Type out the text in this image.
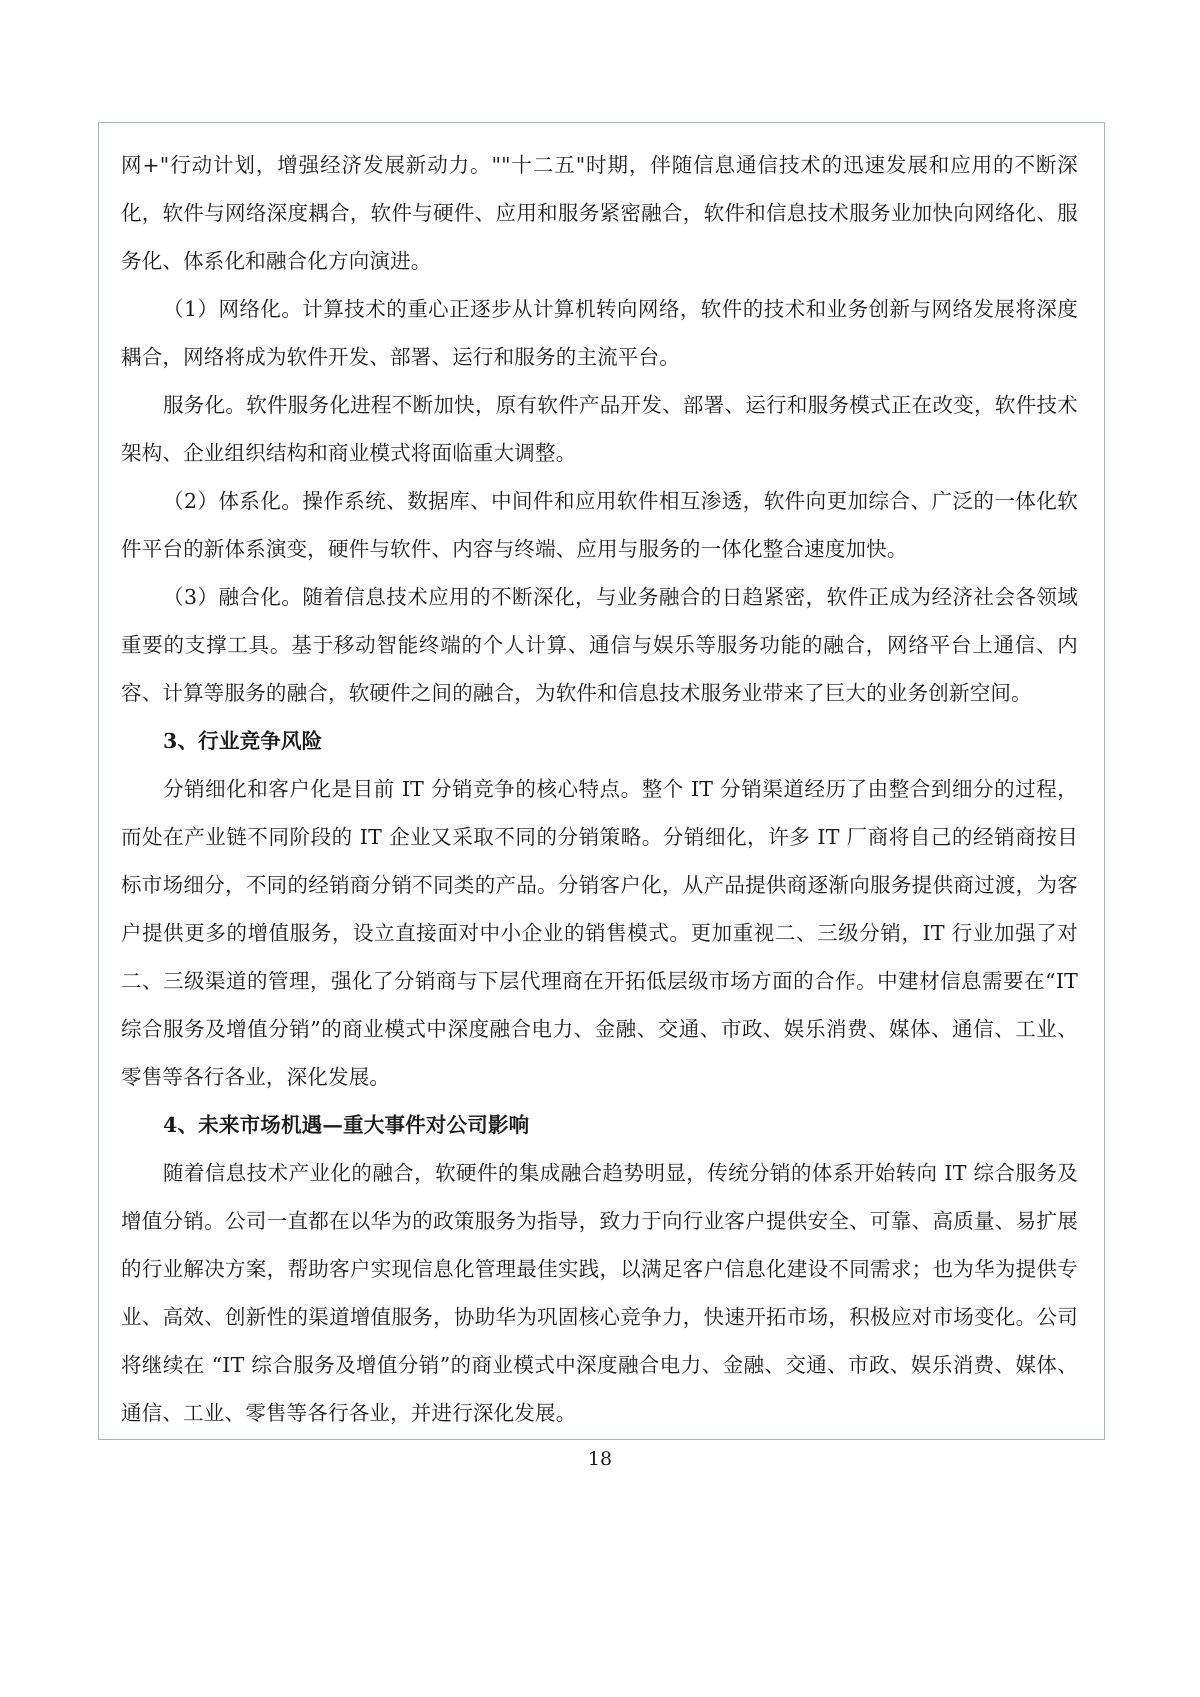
网+"行动计划，增强经济发展新动力。""十二五"时期，伴随信息通信技术的迅速发展和应用的不断深化，软件与网络深度耦合，软件与硬件、应用和服务紧密融合，软件和信息技术服务业加快向网络化、服务化、体系化和融合化方向演进。

（1）网络化。计算技术的重心正逐步从计算机转向网络，软件的技术和业务创新与网络发展将深度耦合，网络将成为软件开发、部署、运行和服务的主流平台。

服务化。软件服务化进程不断加快，原有软件产品开发、部署、运行和服务模式正在改变，软件技术架构、企业组织结构和商业模式将面临重大调整。

（2）体系化。操作系统、数据库、中间件和应用软件相互渗透，软件向更加综合、广泛的一体化软件平台的新体系演变，硬件与软件、内容与终端、应用与服务的一体化整合速度加快。

（3）融合化。随着信息技术应用的不断深化，与业务融合的日趋紧密，软件正成为经济社会各领域重要的支撑工具。基于移动智能终端的个人计算、通信与娱乐等服务功能的融合，网络平台上通信、内容、计算等服务的融合，软硬件之间的融合，为软件和信息技术服务业带来了巨大的业务创新空间。

3、行业竞争风险

分销细化和客户化是目前 IT 分销竞争的核心特点。整个 IT 分销渠道经历了由整合到细分的过程，而处在产业链不同阶段的 IT 企业又采取不同的分销策略。分销细化，许多 IT 厂商将自己的经销商按目标市场细分，不同的经销商分销不同类的产品。分销客户化，从产品提供商逐渐向服务提供商过渡，为客户提供更多的增值服务，设立直接面对中小企业的销售模式。更加重视二、三级分销，IT 行业加强了对二、三级渠道的管理，强化了分销商与下层代理商在开拓低层级市场方面的合作。中建材信息需要在“IT 综合服务及增值分销”的商业模式中深度融合电力、金融、交通、市政、娱乐消费、媒体、通信、工业、零售等各行各业，深化发展。

4、未来市场机遇—重大事件对公司影响

随着信息技术产业化的融合，软硬件的集成融合趋势明显，传统分销的体系开始转向 IT 综合服务及增值分销。公司一直都在以华为的政策服务为指导，致力于向行业客户提供安全、可靠、高质量、易扩展的行业解决方案，帮助客户实现信息化管理最佳实践，以满足客户信息化建设不同需求；也为华为提供专业、高效、创新性的渠道增值服务，协助华为巩固核心竞争力，快速开拓市场，积极应对市场变化。公司将继续在 “IT 综合服务及增值分销”的商业模式中深度融合电力、金融、交通、市政、娱乐消费、媒体、通信、工业、零售等各行各业，并进行深化发展。

18
